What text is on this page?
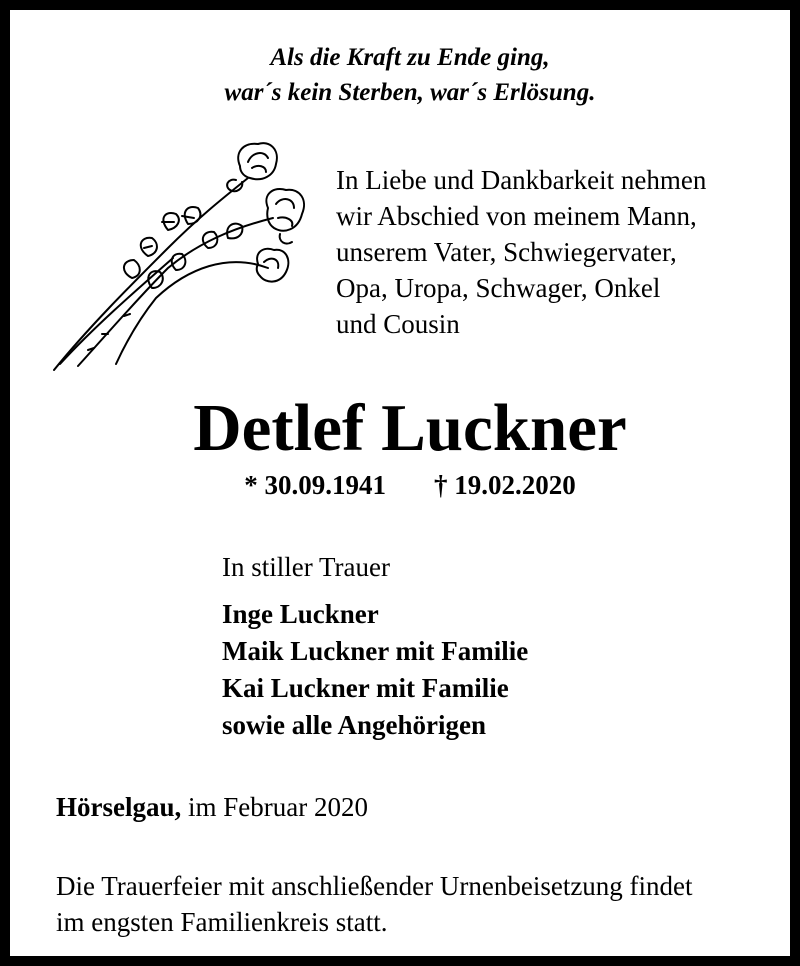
Als die Kraft zu Ende ging,
war´s kein Sterben, war´s Erlösung.
In Liebe und Dankbarkeit nehmen
wir Abschied von meinem Mann,
unserem Vater, Schwiegervater,
Opa, Uropa, Schwager, Onkel
und Cousin
Detlef Luckner
* 30.09.1941 † 19.02.2020
In stiller Trauer
Inge Luckner
Maik Luckner mit Familie
Kai Luckner mit Familie
sowie alle Angehörigen
Hörselgau, im Februar 2020
Die Trauerfeier mit anschließender Urnenbeisetzung findet
im engsten Familienkreis statt.
